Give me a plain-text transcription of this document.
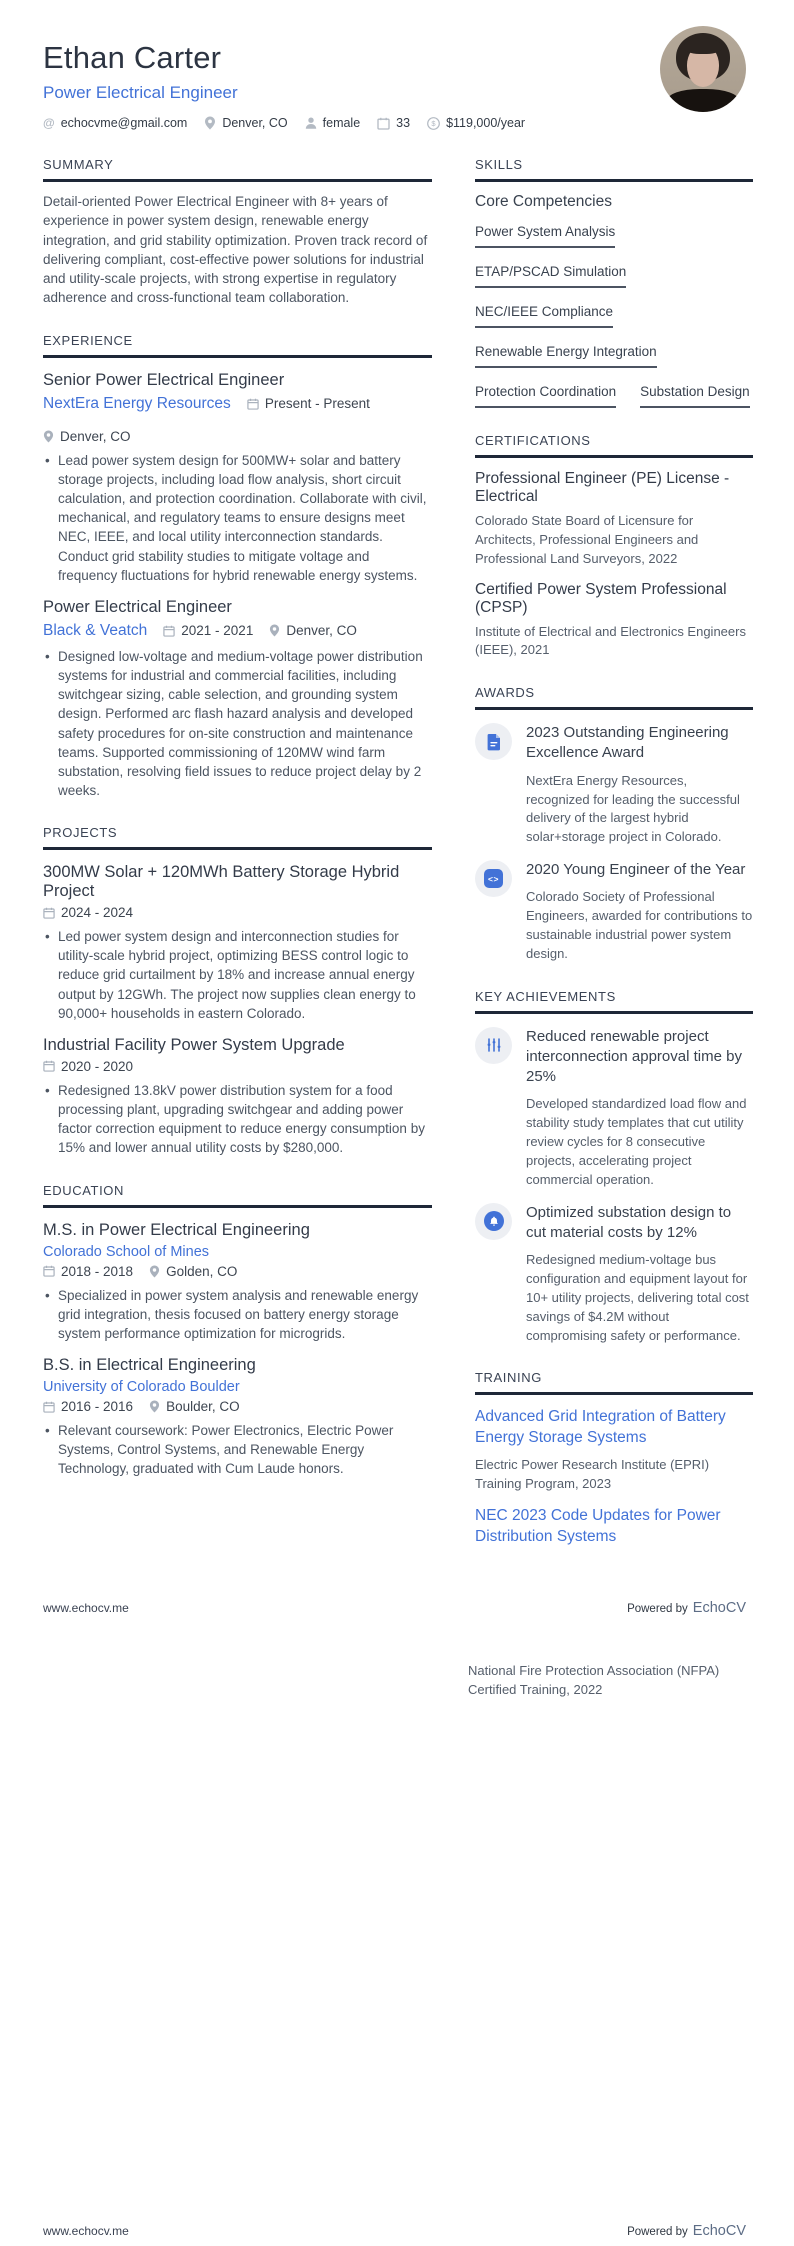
Ethan Carter
Power Electrical Engineer
@ echocvme@gmail.com	Denver, CO	female	33	$ $119,000/year
SUMMARY
Detail-oriented Power Electrical Engineer with 8+ years of experience in power system design, renewable energy integration, and grid stability optimization. Proven track record of delivering compliant, cost-effective power solutions for industrial and utility-scale projects, with strong expertise in regulatory adherence and cross-functional team collaboration.
EXPERIENCE
Senior Power Electrical Engineer
NextEra Energy Resources	Present - Present
Denver, CO
• Lead power system design for 500MW+ solar and battery storage projects, including load flow analysis, short circuit calculation, and protection coordination. Collaborate with civil, mechanical, and regulatory teams to ensure designs meet NEC, IEEE, and local utility interconnection standards. Conduct grid stability studies to mitigate voltage and frequency fluctuations for hybrid renewable energy systems.
Power Electrical Engineer
Black & Veatch	2021 - 2021 Denver, CO
• Designed low-voltage and medium-voltage power distribution systems for industrial and commercial facilities, including switchgear sizing, cable selection, and grounding system design. Performed arc flash hazard analysis and developed safety procedures for on-site construction and maintenance teams. Supported commissioning of 120MW wind farm substation, resolving field issues to reduce project delay by 2 weeks.
PROJECTS
300MW Solar + 120MWh Battery Storage Hybrid Project
2024 - 2024
• Led power system design and interconnection studies for utility-scale hybrid project, optimizing BESS control logic to reduce grid curtailment by 18% and increase annual energy output by 12GWh. The project now supplies clean energy to 90,000+ households in eastern Colorado.
Industrial Facility Power System Upgrade
2020 - 2020
• Redesigned 13.8kV power distribution system for a food processing plant, upgrading switchgear and adding power factor correction equipment to reduce energy consumption by 15% and lower annual utility costs by $280,000.
EDUCATION
M.S. in Power Electrical Engineering
Colorado School of Mines
2018 - 2018 Golden, CO
• Specialized in power system analysis and renewable energy grid integration, thesis focused on battery energy storage system performance optimization for microgrids.
B.S. in Electrical Engineering
University of Colorado Boulder
2016 - 2016 Boulder, CO
• Relevant coursework: Power Electronics, Electric Power Systems, Control Systems, and Renewable Energy Technology, graduated with Cum Laude honors.
SKILLS
Core Competencies
Power System Analysis
ETAP/PSCAD Simulation
NEC/IEEE Compliance
Renewable Energy Integration
Protection Coordination Substation Design
CERTIFICATIONS
Professional Engineer (PE) License - Electrical
Colorado State Board of Licensure for Architects, Professional Engineers and Professional Land Surveyors, 2022
Certified Power System Professional (CPSP)
Institute of Electrical and Electronics Engineers (IEEE), 2021
AWARDS
2023 Outstanding Engineering Excellence Award
NextEra Energy Resources, recognized for leading the successful delivery of the largest hybrid solar+storage project in Colorado.
<>
2020 Young Engineer of the Year
Colorado Society of Professional Engineers, awarded for contributions to sustainable industrial power system design.
KEY ACHIEVEMENTS
Reduced renewable project interconnection approval time by 25%
Developed standardized load flow and stability study templates that cut utility review cycles for 8 consecutive projects, accelerating project commercial operation.
Optimized substation design to cut material costs by 12%
Redesigned medium-voltage bus configuration and equipment layout for 10+ utility projects, delivering total cost savings of $4.2M without compromising safety or performance.
TRAINING
Advanced Grid Integration of Battery Energy Storage Systems
Electric Power Research Institute (EPRI) Training Program, 2023
NEC 2023 Code Updates for Power Distribution Systems
www.echocv.me	Powered by EchoCV
National Fire Protection Association (NFPA) Certified Training, 2022
www.echocv.me	Powered by EchoCV
